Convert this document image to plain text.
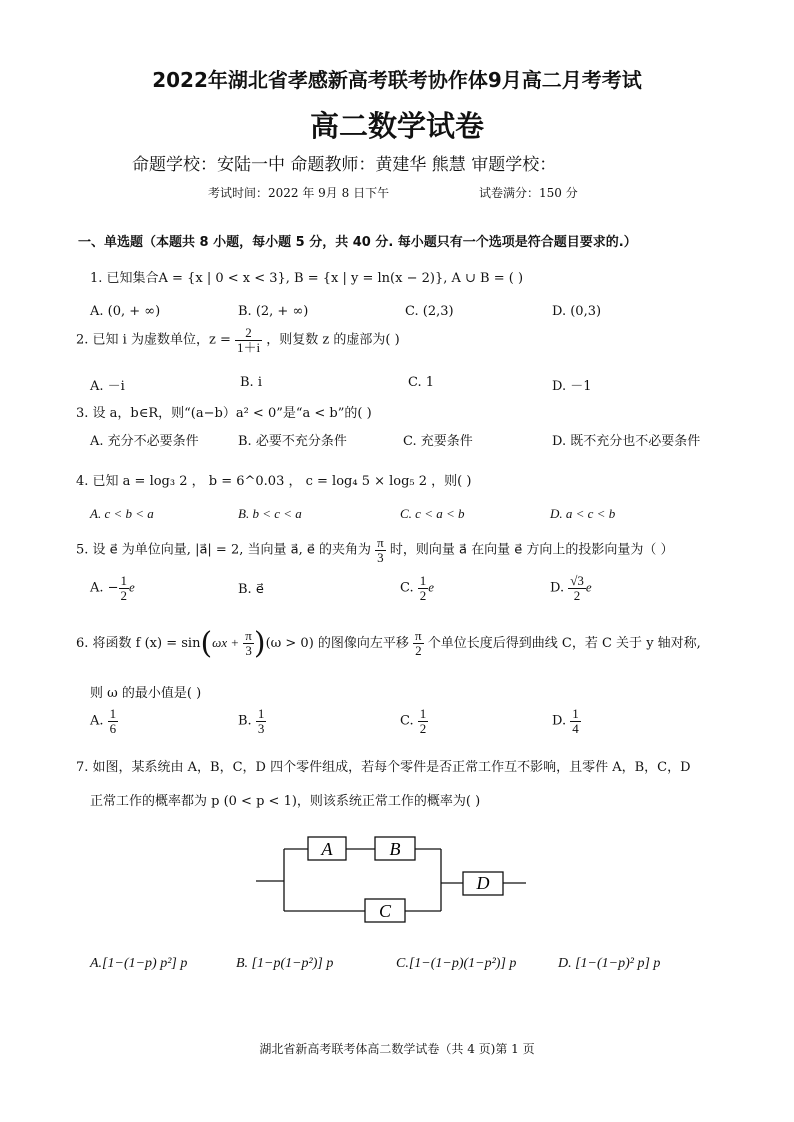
2022年湖北省孝感新高考联考协作体9月高二月考考试
高二数学试卷
命题学校：安陆一中 命题教师：黄建华 熊慧 审题学校：
考试时间：2022 年 9月 8 日下午	试卷满分：150 分
一、单选题（本题共 8 小题，每小题 5 分，共 40 分. 每小题只有一个选项是符合题目要求的.）
1. 已知集合A = {x | 0 < x < 3}, B = {x | y = ln(x − 2)}, A ∪ B = ( )
A. (0, + ∞)	B. (2, + ∞)	C. (2,3)	D. (0,3)
2. 已知 i 为虚数单位，$z = \frac{2}{1+i}$ ，则复数 z 的虚部为( )
A. －i	B. i	C. 1	D. －1
3. 设 a，b∈R，则“(a−b）a² < 0”是“a < b”的( )
A. 充分不必要条件	B. 必要不充分条件	C. 充要条件	D. 既不充分也不必要条件
4. 已知 a = log₃ 2 ， b = 6^0.03 ， c = log₄ 5 × log₅ 2 ，则( )
A. c < b < a	B. b < c < a	C. c < a < b	D. a < c < b
5. 设 e⃗ 为单位向量, |a⃗| = 2, 当向量 a⃗, e⃗ 的夹角为 $\frac{\pi}{3}$ 时，则向量 a⃗ 在向量 e⃗ 方向上的投影向量为（ ）
A. − $\frac{1}{2}$ e⃗	B. e⃗	C. $\frac{1}{2}$ e⃗	D. $\frac{√3}{2}$ e⃗
6. 将函数 f $(x) = \sin(\omega x + \frac{\pi}{3} )(\omega > 0)$ 的图像向左平移 $\frac{\pi}{2}$ 个单位长度后得到曲线 C，若 C 关于 y 轴对称,
则 ω 的最小值是( )
A. $\frac{1}{6}$	B. $\frac{1}{3}$	C. $\frac{1}{2}$	D. $\frac{1}{4}$
7. 如图，某系统由 A，B，C，D 四个零件组成，若每个零件是否正常工作互不影响，且零件 A，B，C，D
正常工作的概率都为 p (0 < p < 1)，则该系统正常工作的概率为( )
A	B
C
D
A.[1−(1−p) p²] p	B. [1−p(1−p²)] p	C.[1−(1−p)(1−p²)] p	D. [1−(1−p)² p] p
湖北省新高考联考体高二数学试卷（共 4 页)第 1 页
